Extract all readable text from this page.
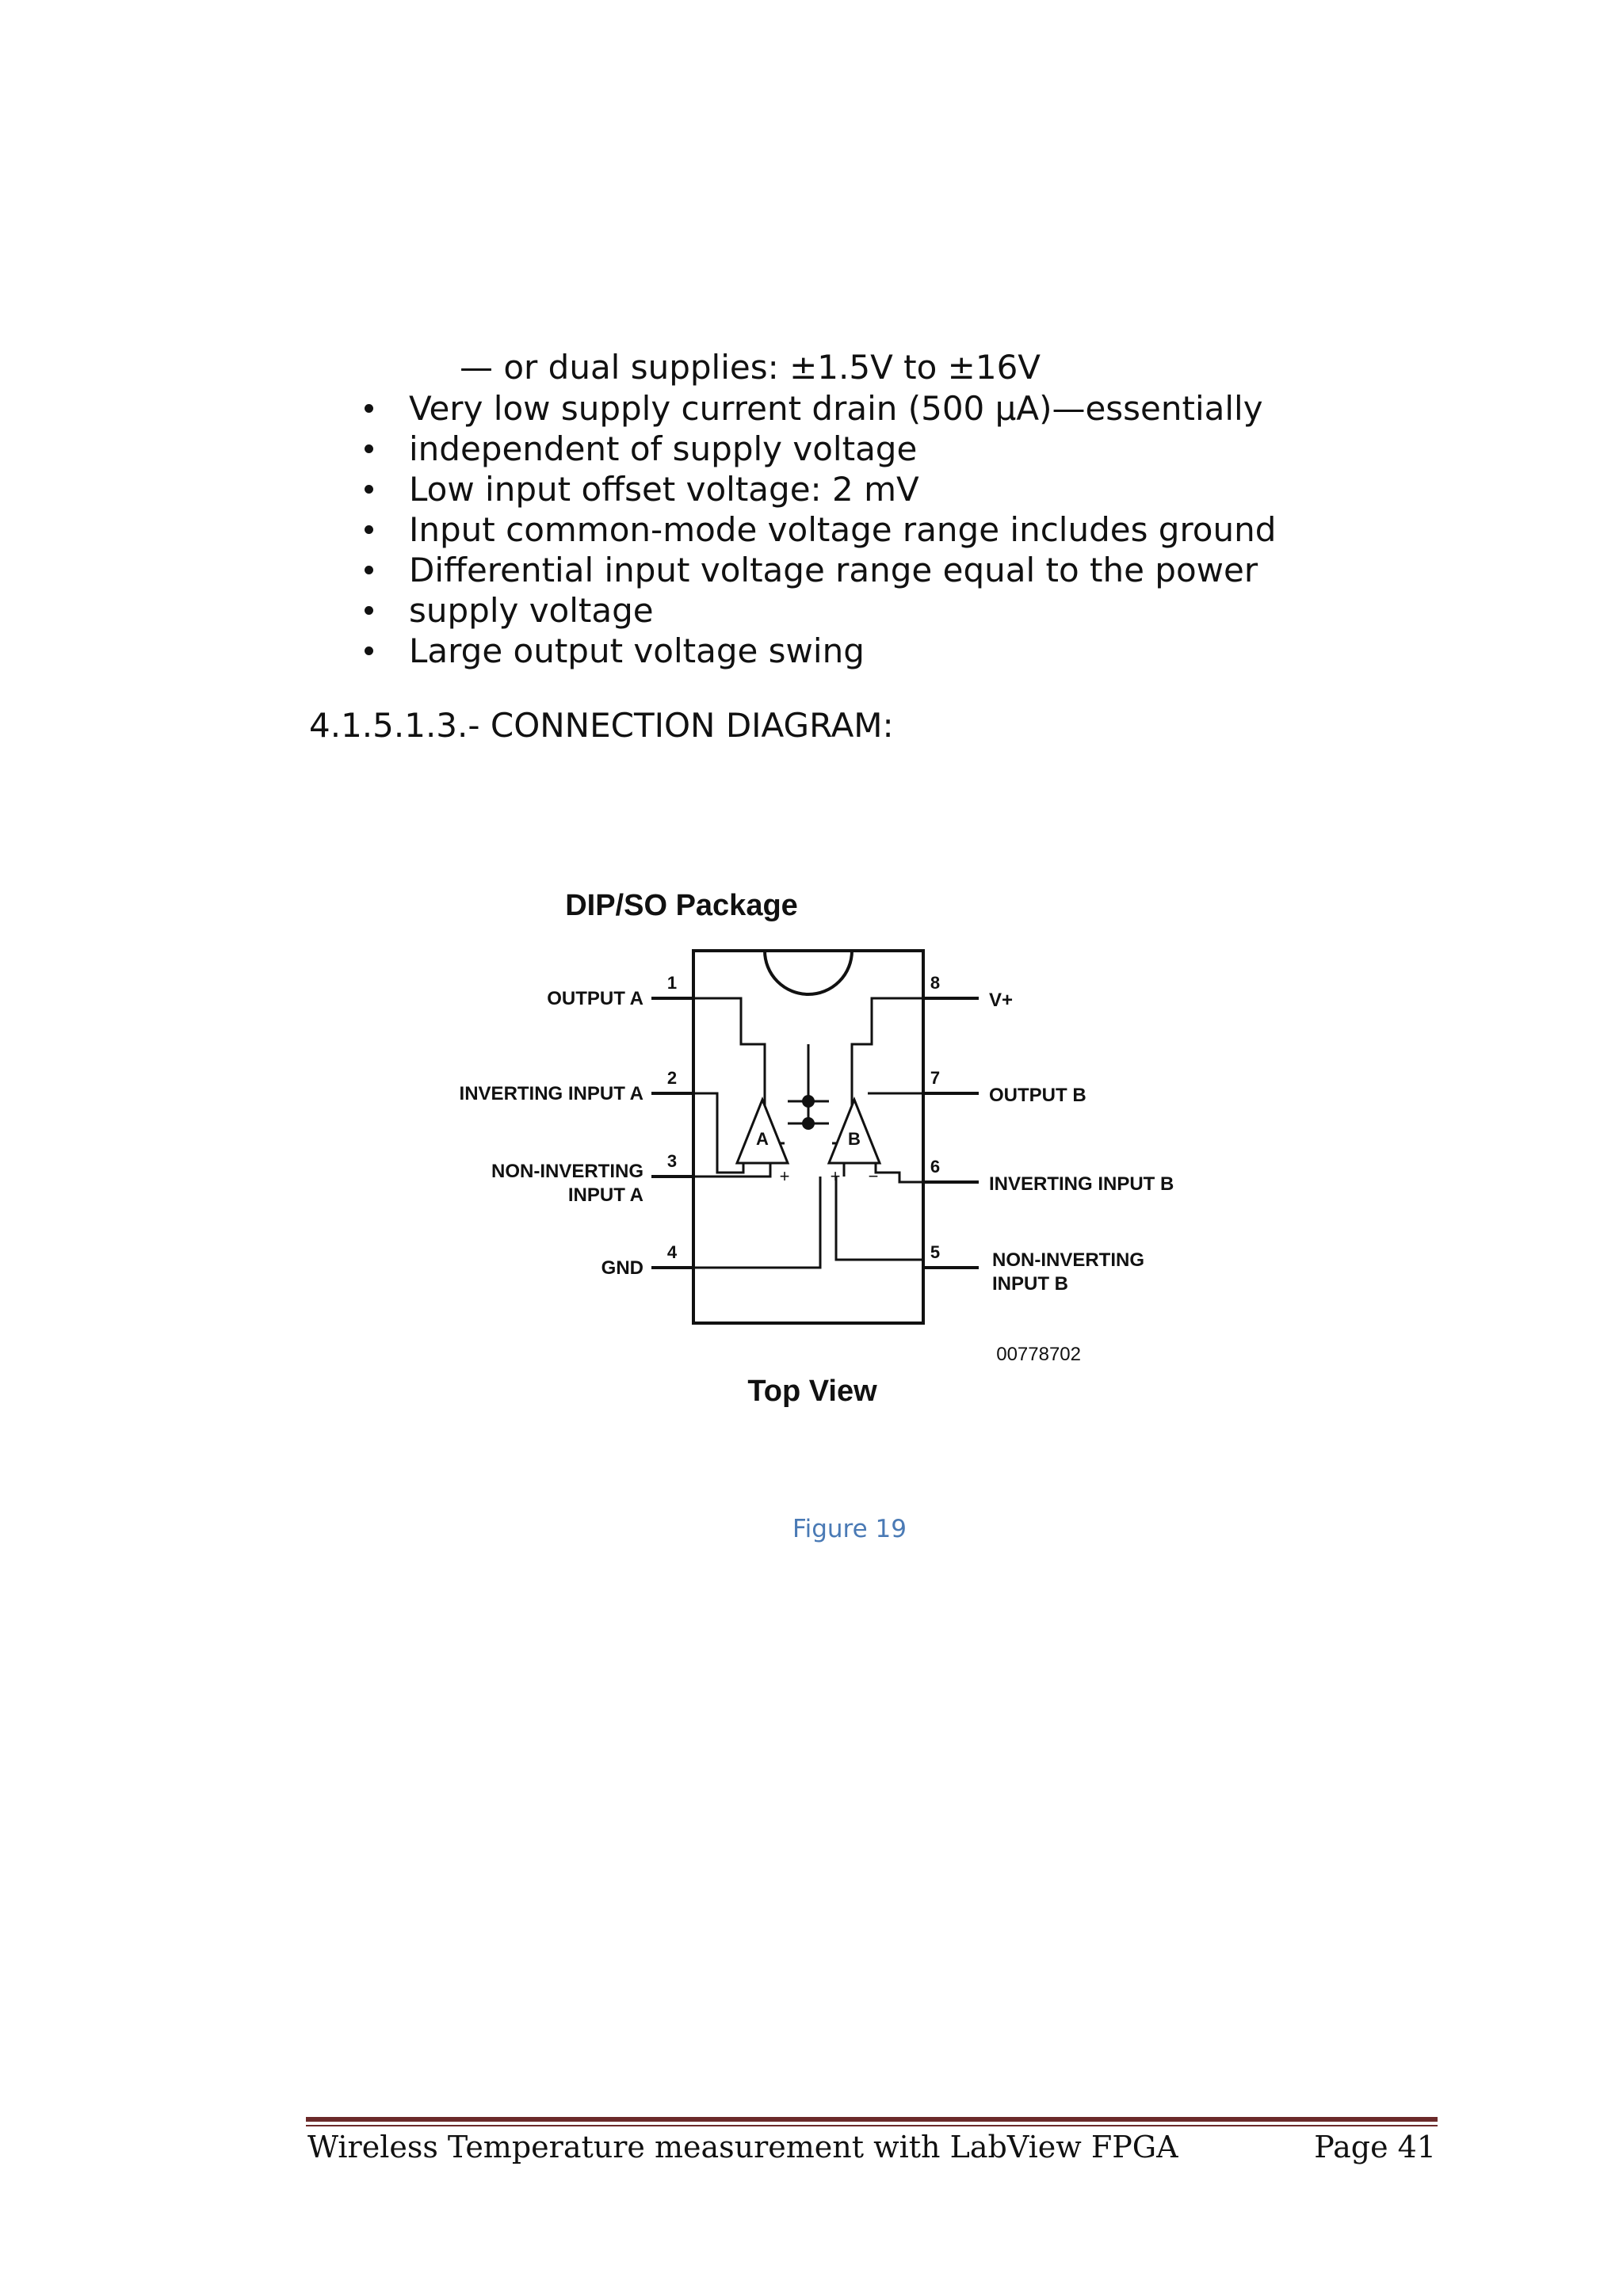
— or dual supplies: ±1.5V to ±16V
Very low supply current drain (500 μA)—essentially
independent of supply voltage
Low input offset voltage: 2 mV
Input common-mode voltage range includes ground
Differential input voltage range equal to the power
supply voltage
Large output voltage swing
4.1.5.1.3.- CONNECTION DIAGRAM:
DIP/SO Package
A
− +
B
−
+
1
2
3
4
8
7
6
5
OUTPUT A
INVERTING INPUT A
NON-INVERTING
INPUT A
GND
V+
OUTPUT B
INVERTING INPUT B
NON-INVERTING
INPUT B
00778702
Top View
Figure 19
Wireless Temperature measurement with LabView FPGA	Page 41
